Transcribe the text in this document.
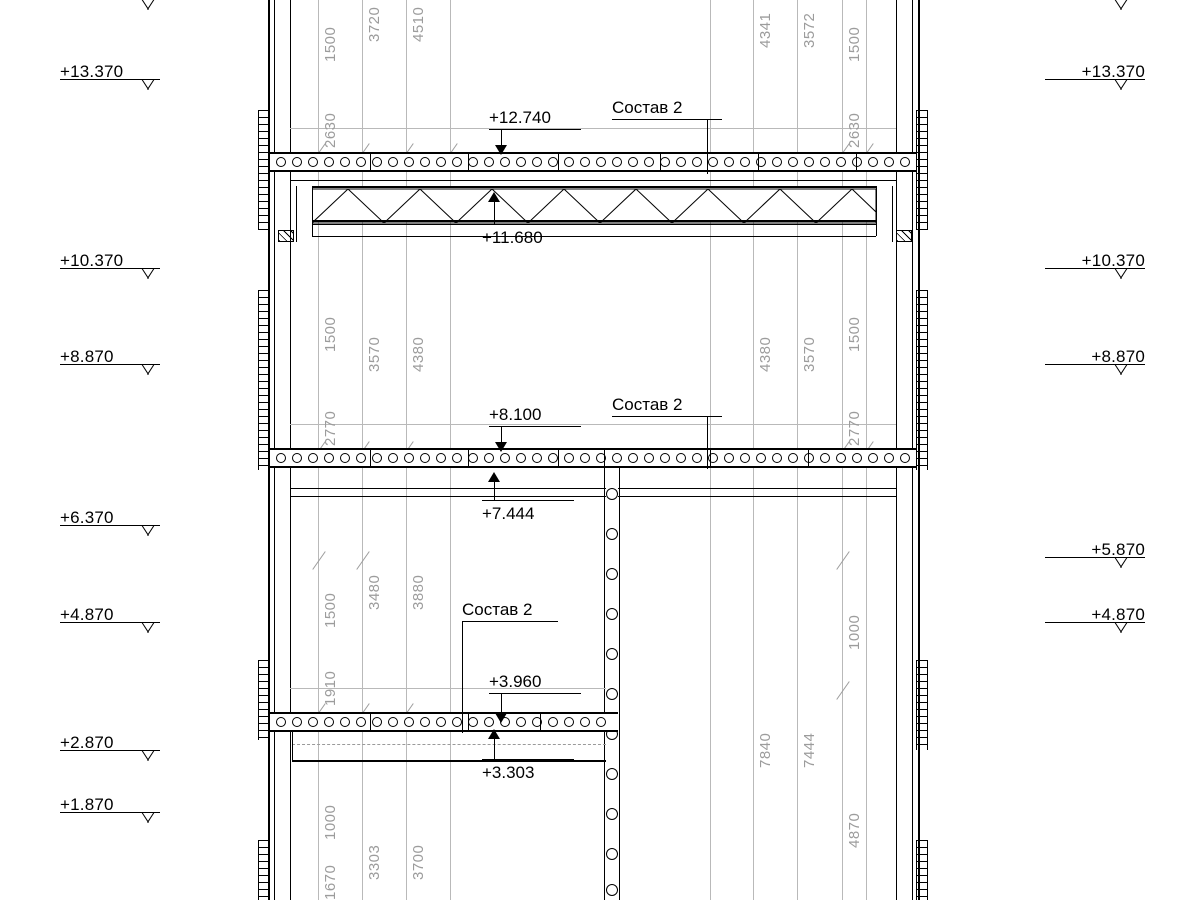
+13.370
+10.370
+8.870
+6.370
+4.870
+2.870
+1.870
+13.370
+10.370
+8.870
+5.870
+4.870
+12.740
+11.680
+8.100
+7.444
+3.960
+3.303
Состав 2
Состав 2
Состав 2
1500
3720 4510
2630
1500
3570 4380
2770
1500
3480 3880
1910
1000
3303 3700
1670
4341 3572 1500
2630
4380 3570
1500
2770
1000
7840 7444
4870
